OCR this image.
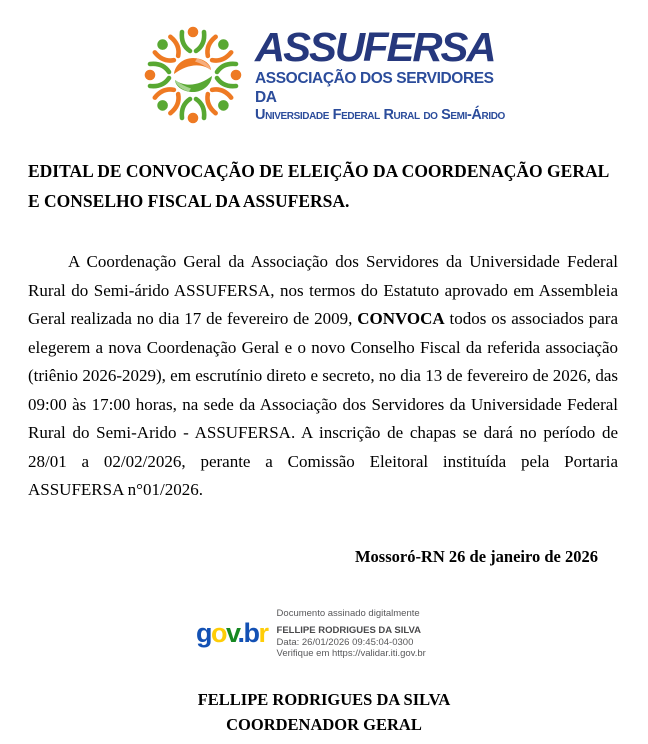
ASSUFERSA
ASSOCIAÇÃO DOS SERVIDORES DA
Universidade Federal Rural do Semi-Árido
EDITAL DE CONVOCAÇÃO DE ELEIÇÃO DA COORDENAÇÃO GERAL E CONSELHO FISCAL DA ASSUFERSA.
A Coordenação Geral da Associação dos Servidores da Universidade Federal Rural do Semi-árido ASSUFERSA, nos termos do Estatuto aprovado em Assembleia Geral realizada no dia 17 de fevereiro de 2009, CONVOCA todos os associados para elegerem a nova Coordenação Geral e o novo Conselho Fiscal da referida associação (triênio 2026-2029), em escrutínio direto e secreto, no dia 13 de fevereiro de 2026, das 09:00 às 17:00 horas, na sede da Associação dos Servidores da Universidade Federal Rural do Semi-Arido - ASSUFERSA. A inscrição de chapas se dará no período de 28/01 a 02/02/2026, perante a Comissão Eleitoral instituída pela Portaria ASSUFERSA n°01/2026.
Mossoró-RN 26 de janeiro de 2026
gov.br
Documento assinado digitalmente
FELLIPE RODRIGUES DA SILVA
Data: 26/01/2026 09:45:04-0300
Verifique em https://validar.iti.gov.br
FELLIPE RODRIGUES DA SILVA
COORDENADOR GERAL
